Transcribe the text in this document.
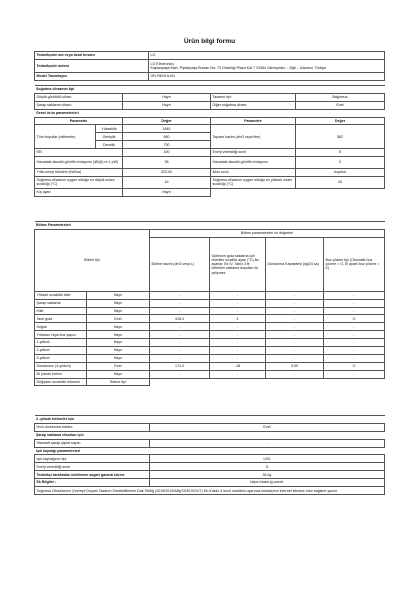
Ürün bilgi formu
Tedarikçinin adı veya ticari ünvanı	LG
Tedarikçinin adresi	LG Electronics
Kaptanpaşa Mah. Piyalepaşa Bulvarı No: 73 Ortaklığı Plaza Kat 7 34384 Okmeydanı – Şişli – İstanbul, Türkiye

Model Tanımlayıcı	GR-F802HLHU
Soğutma cihazının tipi				
Düşük gürültülü cihaz:		Hayır	Tasarım tipi:	Bağımsız
Şarap saklama cihazı:		Hayır	Diğer soğutma cihazı:	Evet
Genel ürün parametreleri				
Parametre		Değer	Parametre	Değer
Tüm boyutlar (milimetre)	Yükseklik	1840	Toplam hacim (dm3 veya litre)	582
	Genişlik	860		
	Derinlik	730		
EEI		100	Enerji verimliliği sınıfı	E
Havadaki akustik gürültü emisyonu (dB(A) re 1 pW)		38	Havadaki akustik gürültü emisyonu	C
Yıllık enerji tüketimi (kWh/a)		323.00	İklim sınıfı	tropikal
Soğutma cihazının uygun olduğu en düşük ortam sıcaklığı (°C)		16	Soğutma cihazının uygun olduğu en yüksek ortam sıcaklığı (°C)	43
Kış ayarı		Hayır		
Bölme Parametreleri					
Bölme tipi		Bölme parametreleri ve değerleri			
		Bölme hacmi (dm3 veya L)	Optimum gıda saklama için önerilen sıcaklık ayarı (°C) Bu ayarlar, Ek IV, Tablo 3'te belirtilen saklama koşulları ile çelişmez.	Dondurma Kapasitesi (kg/24 sa)	Buz çözme tipi (Otomatik buz çözme = O, El ayarlı buz çözme = E)
Yüksek sıcaklıklı kiler	Hayır	-	-	-	-
Şarap saklama	Hayır	-	-	-	-
Kiler	Hayır	-	-	-	-
Taze gıda	Evet	418.0	4	-	O
Soğuk	Hayır	-	-	-	-
Yıldızsız veya buz yapıcı	Hayır	-	-	-	-
1-yıldızlı	Hayır	-	-	-	-
2-yıldızlı	Hayır	-	-	-	-
3-yıldızlı	Hayır	-	-	-	-
Dondurucu (4-yıldızlı)	Evet	174.0	-18	9.00	O
İki yıldızlı bölüm	Hayır	-	-	-	-
Değişken sıcaklıklı bölmesi	Bölme tipi				
4 -yıldızlı bölmeler için	
Hızlı dondurma imkânı	Evet
Şarap saklama cihazları için	
Standart şarap şişesi sayısı	-
Işık kaynağı parametreleri	
Işık kaynağının tipi	LED
Enerji verimliliği sınıfı	G
Tedarikçi tarafından belirlenen asgari garanti süresi	36 Ay
Ek Bilgiler :	https://www.lg.com/tr
Soğutma Cihazlarının Çevreye Duyarlı Tasarım Gerekliliklerine Dair Tebliğ (2019/2019/AB)(SGM 2021/7) Ek-II'sinin 4 üncü maddesi uyarınca imalatçının internet sitesine olan bağlantı yazılır	
